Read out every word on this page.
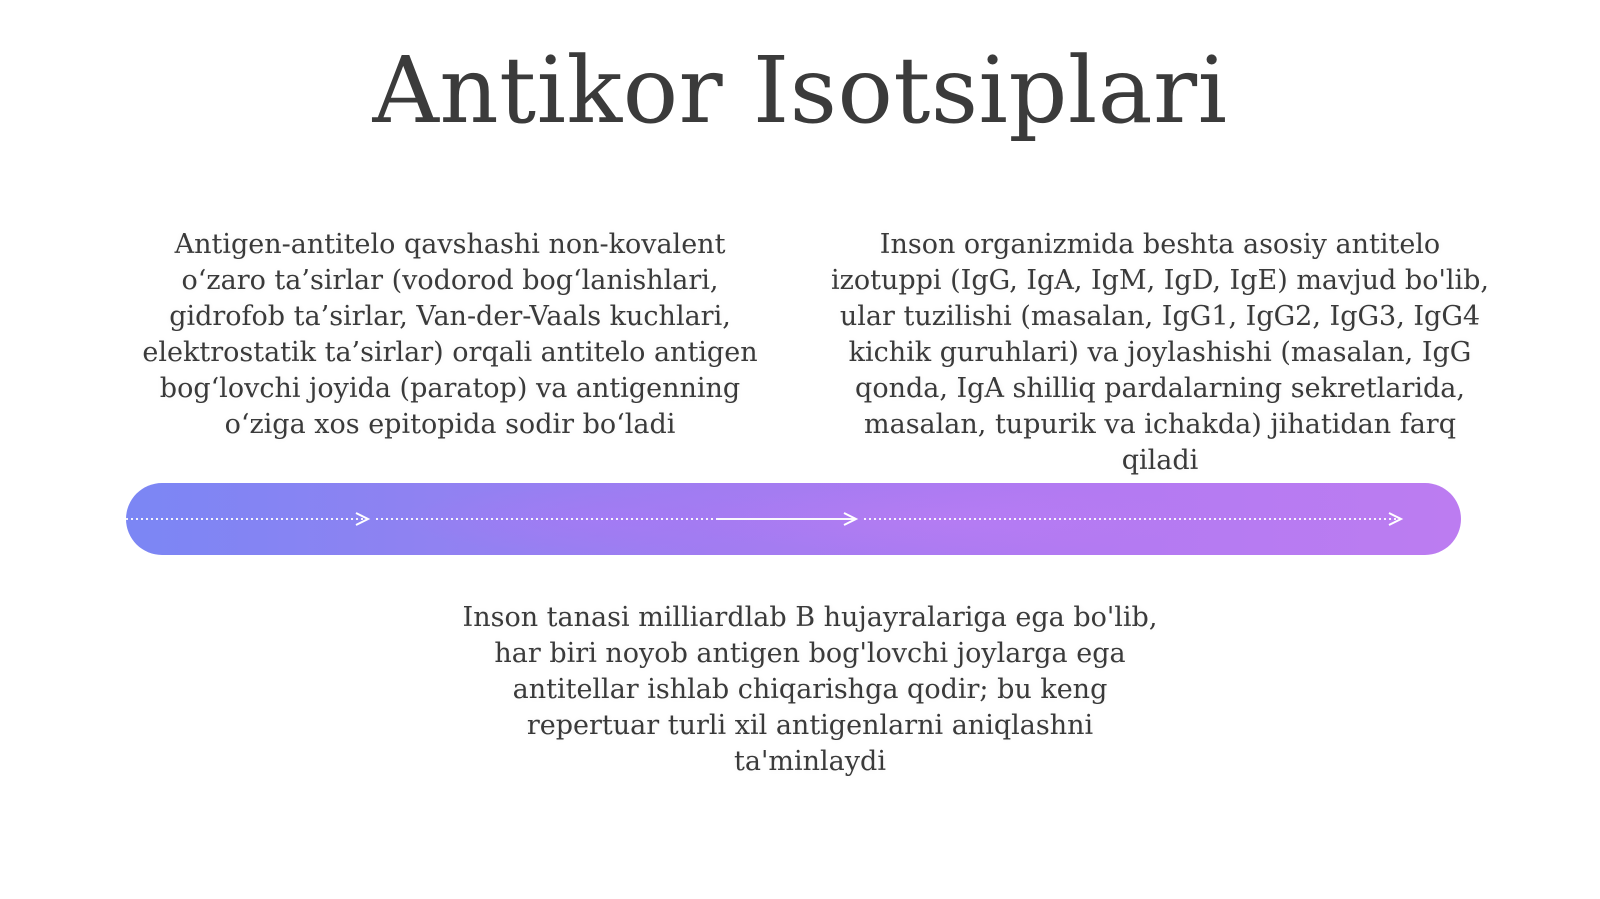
Antikor Isotsiplari
Antigen-antitelo qavshashi non-kovalent o‘zaro ta’sirlar (vodorod bog‘lanishlari, gidrofob ta’sirlar, Van-der-Vaals kuchlari, elektrostatik ta’sirlar) orqali antitelo antigen bog‘lovchi joyida (paratop) va antigenning o‘ziga xos epitopida sodir bo‘ladi
Inson organizmida beshta asosiy antitelo izotuppi (IgG, IgA, IgM, IgD, IgE) mavjud bo'lib, ular tuzilishi (masalan, IgG1, IgG2, IgG3, IgG4 kichik guruhlari) va joylashishi (masalan, IgG qonda, IgA shilliq pardalarning sekretlarida, masalan, tupurik va ichakda) jihatidan farq qiladi
Inson tanasi milliardlab B hujayralariga ega bo'lib, har biri noyob antigen bog'lovchi joylarga ega antitellar ishlab chiqarishga qodir; bu keng repertuar turli xil antigenlarni aniqlashni ta'minlaydi
